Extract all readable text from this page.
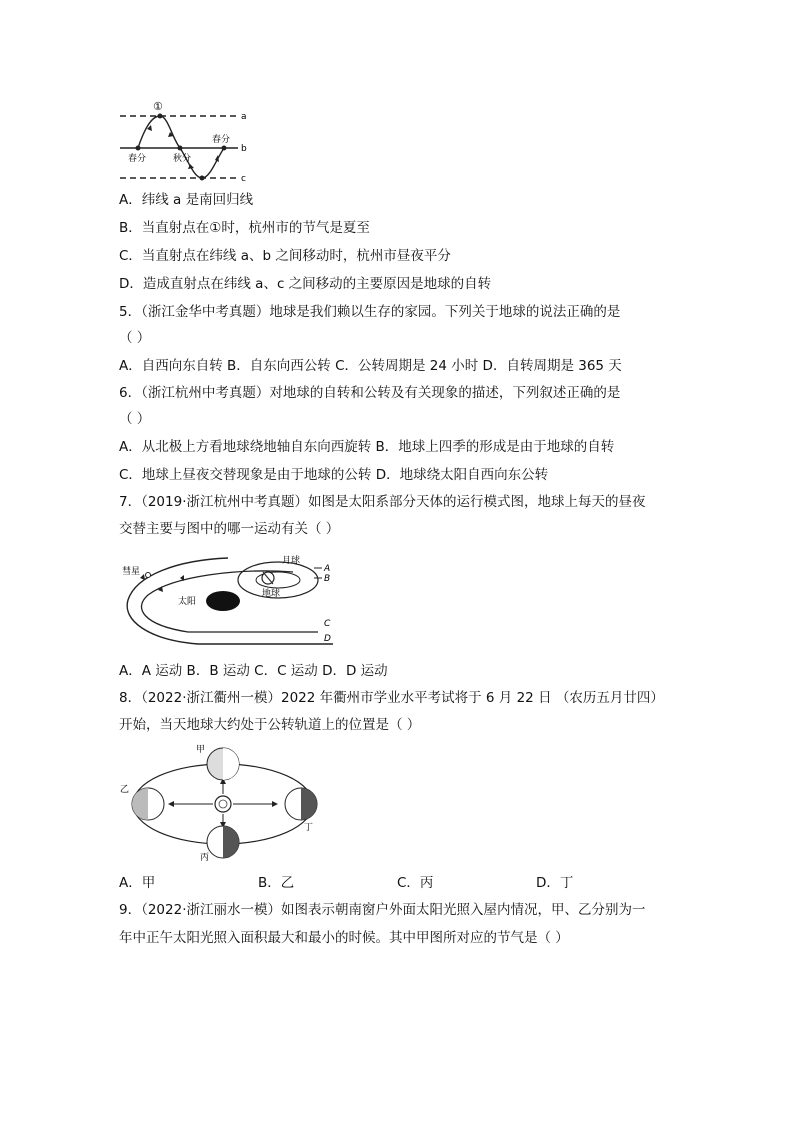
a
b
c
①
春分	秋分
春分
A．纬线 a 是南回归线
B．当直射点在①时，杭州市的节气是夏至
C．当直射点在纬线 a、b 之间移动时，杭州市昼夜平分
D．造成直射点在纬线 a、c 之间移动的主要原因是地球的自转
5．（浙江金华中考真题）地球是我们赖以生存的家园。下列关于地球的说法正确的是
（ ）
A．自西向东自转 B．自东向西公转 C．公转周期是 24 小时 D．自转周期是 365 天
6．（浙江杭州中考真题）对地球的自转和公转及有关现象的描述，下列叙述正确的是
（ ）
A．从北极上方看地球绕地轴自东向西旋转 B．地球上四季的形成是由于地球的自转
C．地球上昼夜交替现象是由于地球的公转 D．地球绕太阳自西向东公转
7．（2019·浙江杭州中考真题）如图是太阳系部分天体的运行模式图，地球上每天的昼夜
交替主要与图中的哪一运动有关（ ）
彗星
月球
地球
太阳
A
B
C
D
A．A 运动 B．B 运动 C．C 运动 D．D 运动
8．（2022·浙江衢州一模）2022 年衢州市学业水平考试将于 6 月 22 日 （农历五月廿四）
开始，当天地球大约处于公转轨道上的位置是（ ）
甲
乙
丙
丁
A．甲	B．乙	C．丙	D．丁
9．（2022·浙江丽水一模）如图表示朝南窗户外面太阳光照入屋内情况，甲、乙分别为一
年中正午太阳光照入面积最大和最小的时候。其中甲图所对应的节气是（ ）
